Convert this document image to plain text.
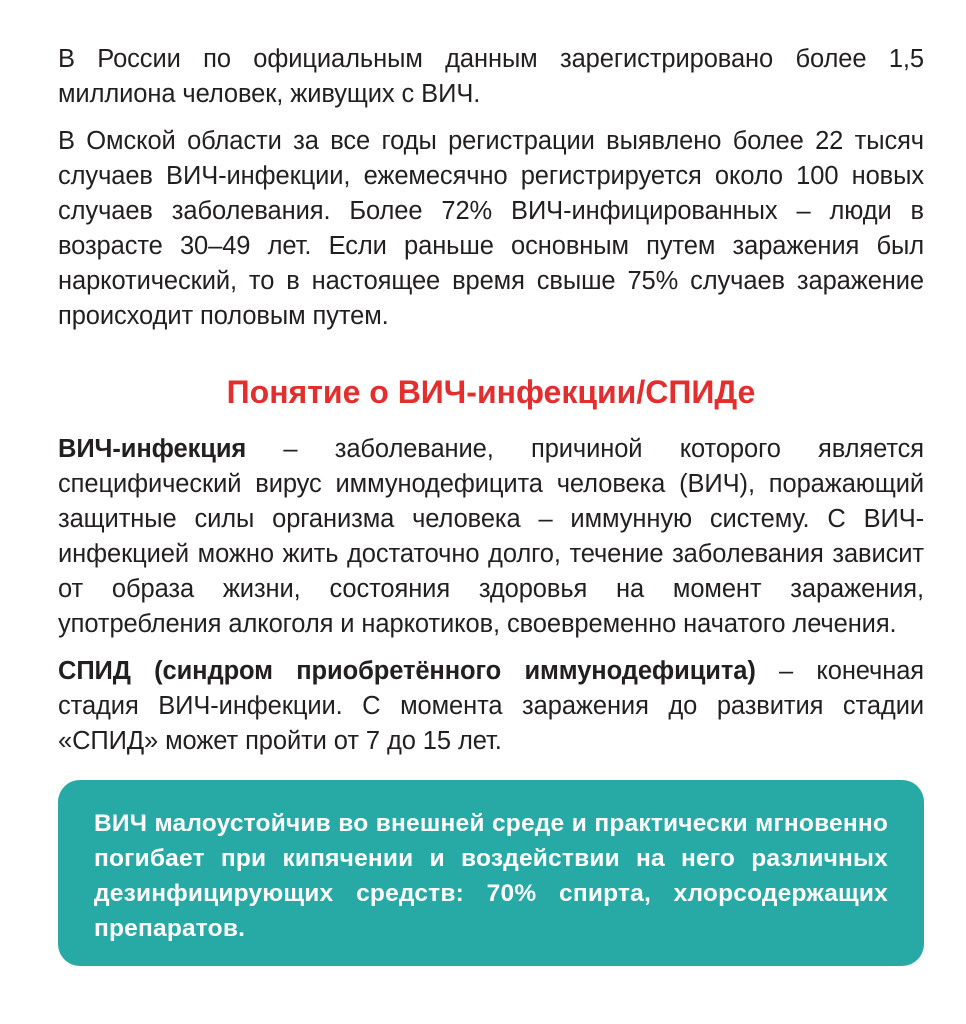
В России по официальным данным зарегистрировано более 1,5 миллиона человек, живущих с ВИЧ.

В Омской области за все годы регистрации выявлено более 22 тысяч случаев ВИЧ-инфекции, ежемесячно регистрируется около 100 новых случаев заболевания. Более 72% ВИЧ-инфицированных – люди в возрасте 30–49 лет. Если раньше основным путем заражения был наркотический, то в настоящее время свыше 75% случаев заражение происходит половым путем.

Понятие о ВИЧ-инфекции/СПИДе

ВИЧ-инфекция – заболевание, причиной которого является специфический вирус иммунодефицита человека (ВИЧ), поражающий защитные силы организма человека – иммунную систему. С ВИЧ-инфекцией можно жить достаточно долго, течение заболевания зависит от образа жизни, состояния здоровья на момент заражения, употребления алкоголя и наркотиков, своевременно начатого лечения.

СПИД (синдром приобретённого иммунодефицита) – конечная стадия ВИЧ-инфекции. С момента заражения до развития стадии «СПИД» может пройти от 7 до 15 лет.

ВИЧ малоустойчив во внешней среде и практически мгновенно погибает при кипячении и воздействии на него различных дезинфицирующих средств: 70% спирта, хлорсодержащих препаратов.
